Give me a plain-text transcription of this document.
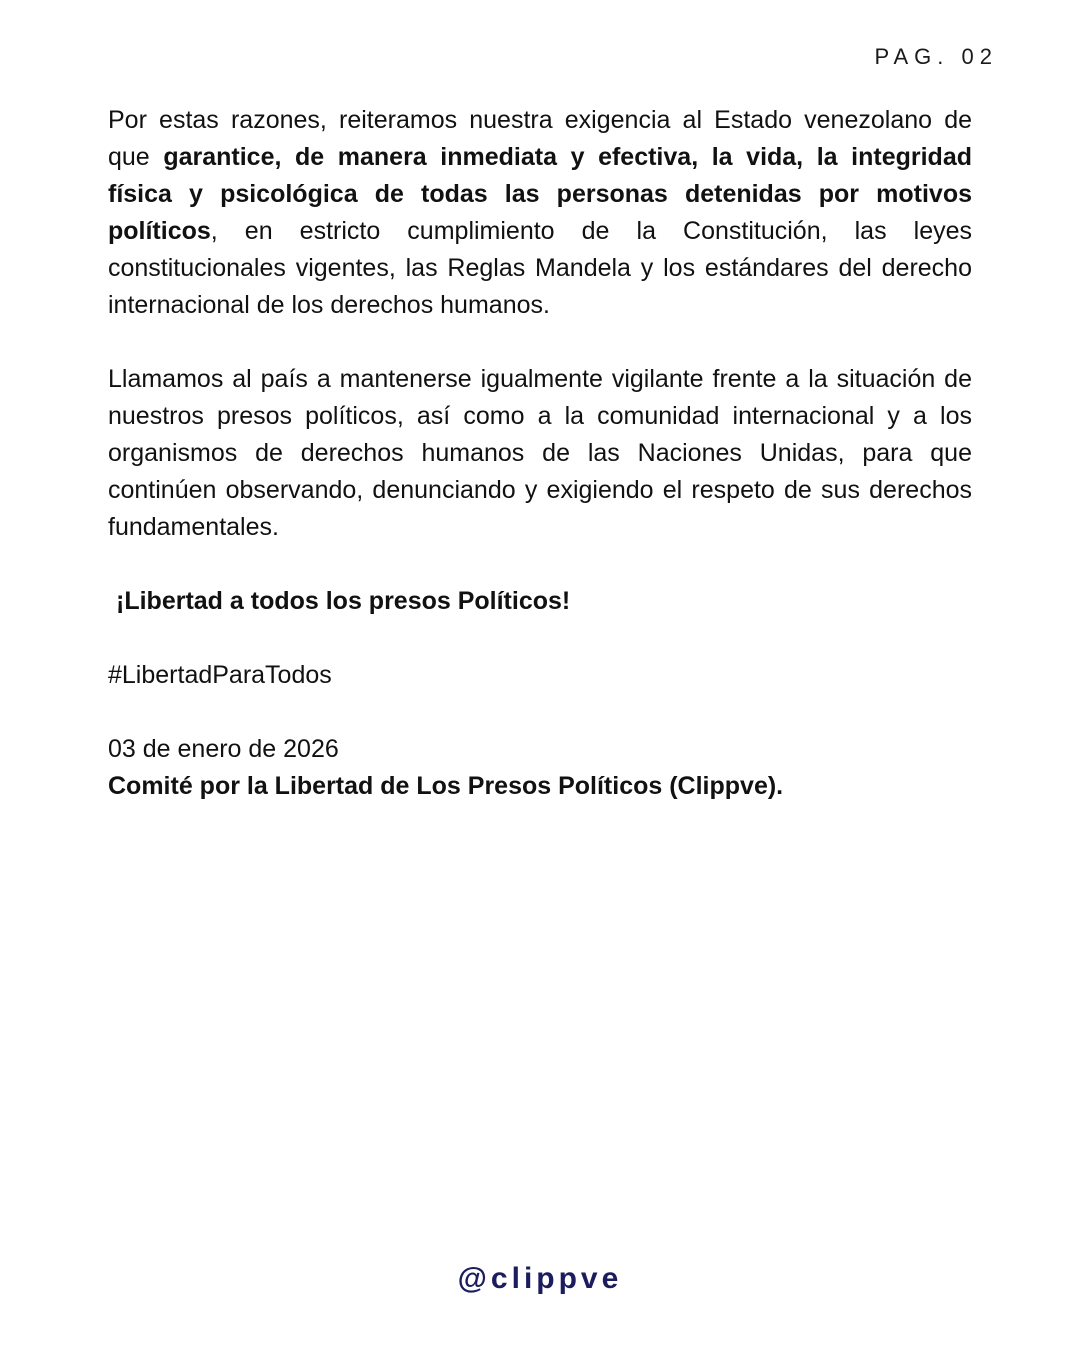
PAG. 02

Por estas razones, reiteramos nuestra exigencia al Estado venezolano de que garantice, de manera inmediata y efectiva, la vida, la integridad física y psicológica de todas las personas detenidas por motivos políticos, en estricto cumplimiento de la Constitución, las leyes constitucionales vigentes, las Reglas Mandela y los estándares del derecho internacional de los derechos humanos.

Llamamos al país a mantenerse igualmente vigilante frente a la situación de nuestros presos políticos, así como a la comunidad internacional y a los organismos de derechos humanos de las Naciones Unidas, para que continúen observando, denunciando y exigiendo el respeto de sus derechos fundamentales.

¡Libertad a todos los presos Políticos!

#LibertadParaTodos

03 de enero de 2026

Comité por la Libertad de Los Presos Políticos (Clippve).

@clippve
